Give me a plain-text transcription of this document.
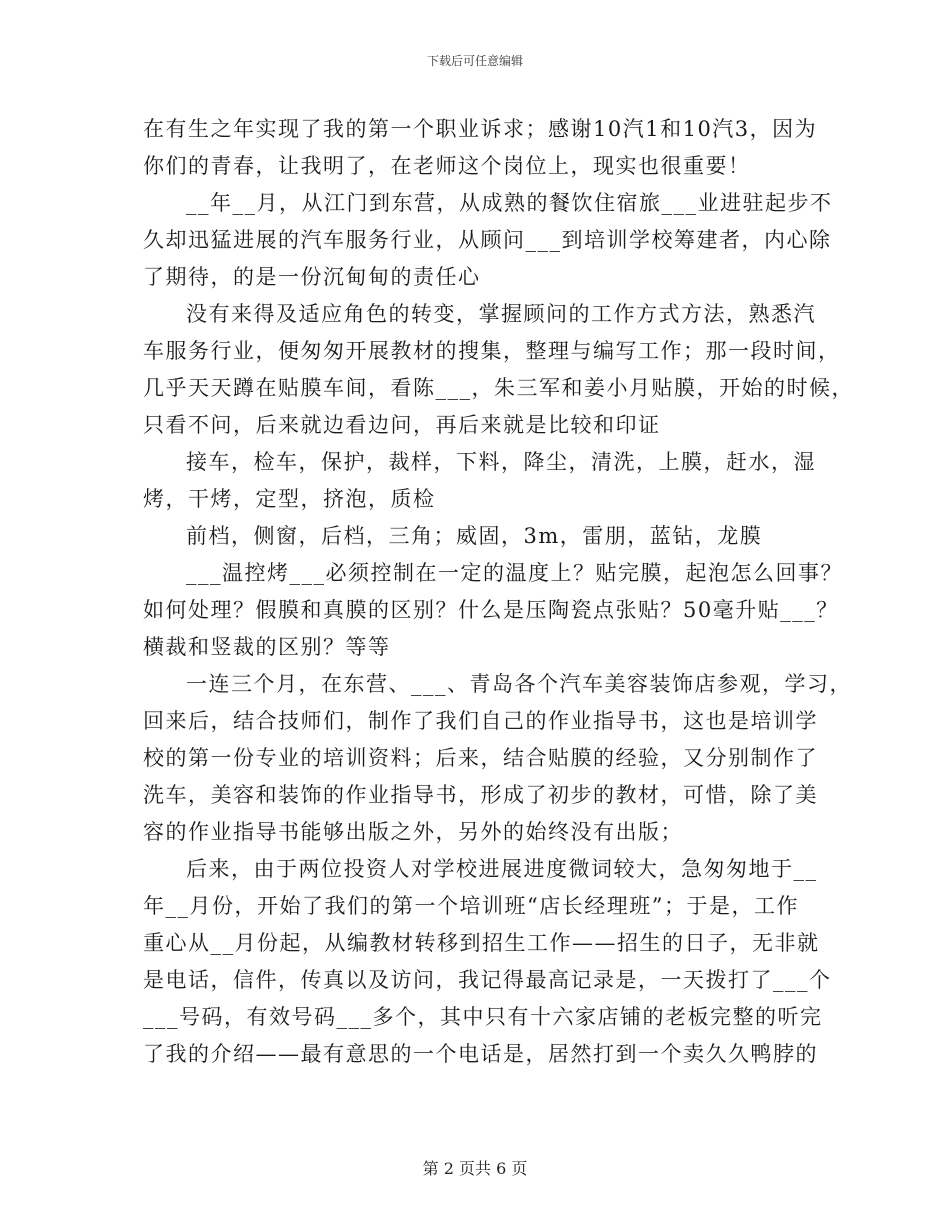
下载后可任意编辑
在有生之年实现了我的第一个职业诉求；感谢10汽1和10汽3，因为
你们的青春，让我明了，在老师这个岗位上，现实也很重要！
__年__月，从江门到东营，从成熟的餐饮住宿旅___业进驻起步不
久却迅猛进展的汽车服务行业，从顾问___到培训学校筹建者，内心除
了期待，的是一份沉甸甸的责任心
没有来得及适应角色的转变，掌握顾问的工作方式方法，熟悉汽
车服务行业，便匆匆开展教材的搜集，整理与编写工作；那一段时间，
几乎天天蹲在贴膜车间，看陈___，朱三军和姜小月贴膜，开始的时候，
只看不问，后来就边看边问，再后来就是比较和印证
接车，检车，保护，裁样，下料，降尘，清洗，上膜，赶水，湿
烤，干烤，定型，挤泡，质检
前档，侧窗，后档，三角；威固，3m，雷朋，蓝钻，龙膜
___温控烤___必须控制在一定的温度上？贴完膜，起泡怎么回事？
如何处理？假膜和真膜的区别？什么是压陶瓷点张贴？50毫升贴___？
横裁和竖裁的区别？等等
一连三个月，在东营、___、青岛各个汽车美容装饰店参观，学习，
回来后，结合技师们，制作了我们自己的作业指导书，这也是培训学
校的第一份专业的培训资料；后来，结合贴膜的经验，又分别制作了
洗车，美容和装饰的作业指导书，形成了初步的教材，可惜，除了美
容的作业指导书能够出版之外，另外的始终没有出版；
后来，由于两位投资人对学校进展进度微词较大，急匆匆地于__
年__月份，开始了我们的第一个培训班“店长经理班”；于是，工作
重心从__月份起，从编教材转移到招生工作——招生的日子，无非就
是电话，信件，传真以及访问，我记得最高记录是，一天拨打了___个
___号码，有效号码___多个，其中只有十六家店铺的老板完整的听完
了我的介绍——最有意思的一个电话是，居然打到一个卖久久鸭脖的
第 2 页共 6 页
